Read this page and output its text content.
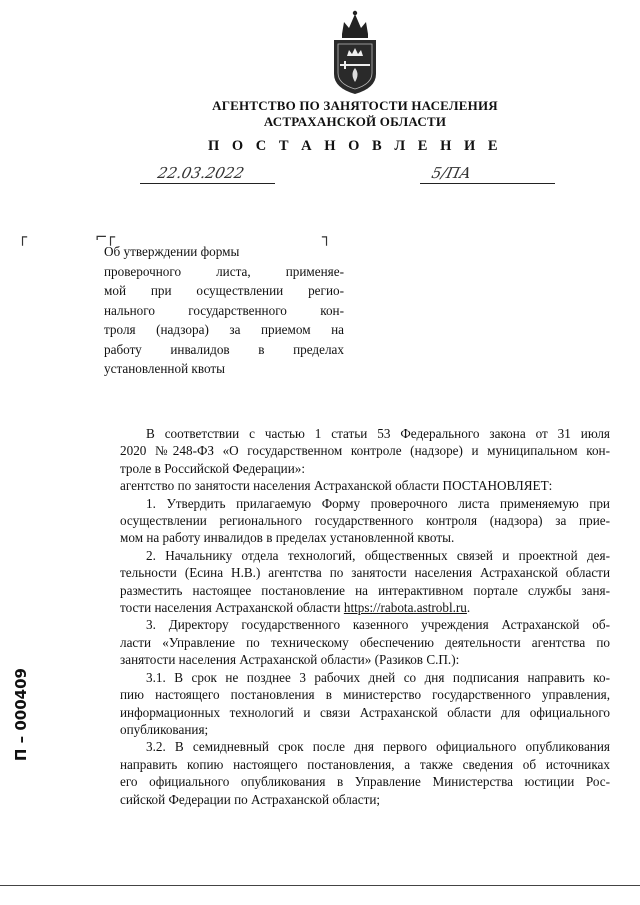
АГЕНТСТВО ПО ЗАНЯТОСТИ НАСЕЛЕНИЯ
АСТРАХАНСКОЙ ОБЛАСТИ
П О С Т А Н О В Л Е Н И Е
22.03.2022	5/ПА
┌	⌐
┌	┐
Об утверждении формы
проверочного листа, применяе-
мой при осуществлении регио-
нального государственного кон-
троля (надзора) за приемом на
работу инвалидов в пределах
установленной квоты
В соответствии с частью 1 статьи 53 Федерального закона от 31 июля
2020 №248-ФЗ «О государственном контроле (надзоре) и муниципальном кон-
троле в Российской Федерации»:
агентство по занятости населения Астраханской области ПОСТАНОВЛЯЕТ:
1. Утвердить прилагаемую Форму проверочного листа применяемую при
осуществлении регионального государственного контроля (надзора) за прие-
мом на работу инвалидов в пределах установленной квоты.
2. Начальнику отдела технологий, общественных связей и проектной дея-
тельности (Есина Н.В.) агентства по занятости населения Астраханской области
разместить настоящее постановление на интерактивном портале службы заня-
тости населения Астраханской области https://rabota.astrobl.ru.
3. Директору государственного казенного учреждения Астраханской об-
ласти «Управление по техническому обеспечению деятельности агентства по
занятости населения Астраханской области» (Разиков С.П.):
3.1. В срок не позднее 3 рабочих дней со дня подписания направить ко-
пию настоящего постановления в министерство государственного управления,
информационных технологий и связи Астраханской области для официального
опубликования;
3.2. В семидневный срок после дня первого официального опубликования
направить копию настоящего постановления, а также сведения об источниках
его официального опубликования в Управление Министерства юстиции Рос-
сийской Федерации по Астраханской области;
П – 000409
